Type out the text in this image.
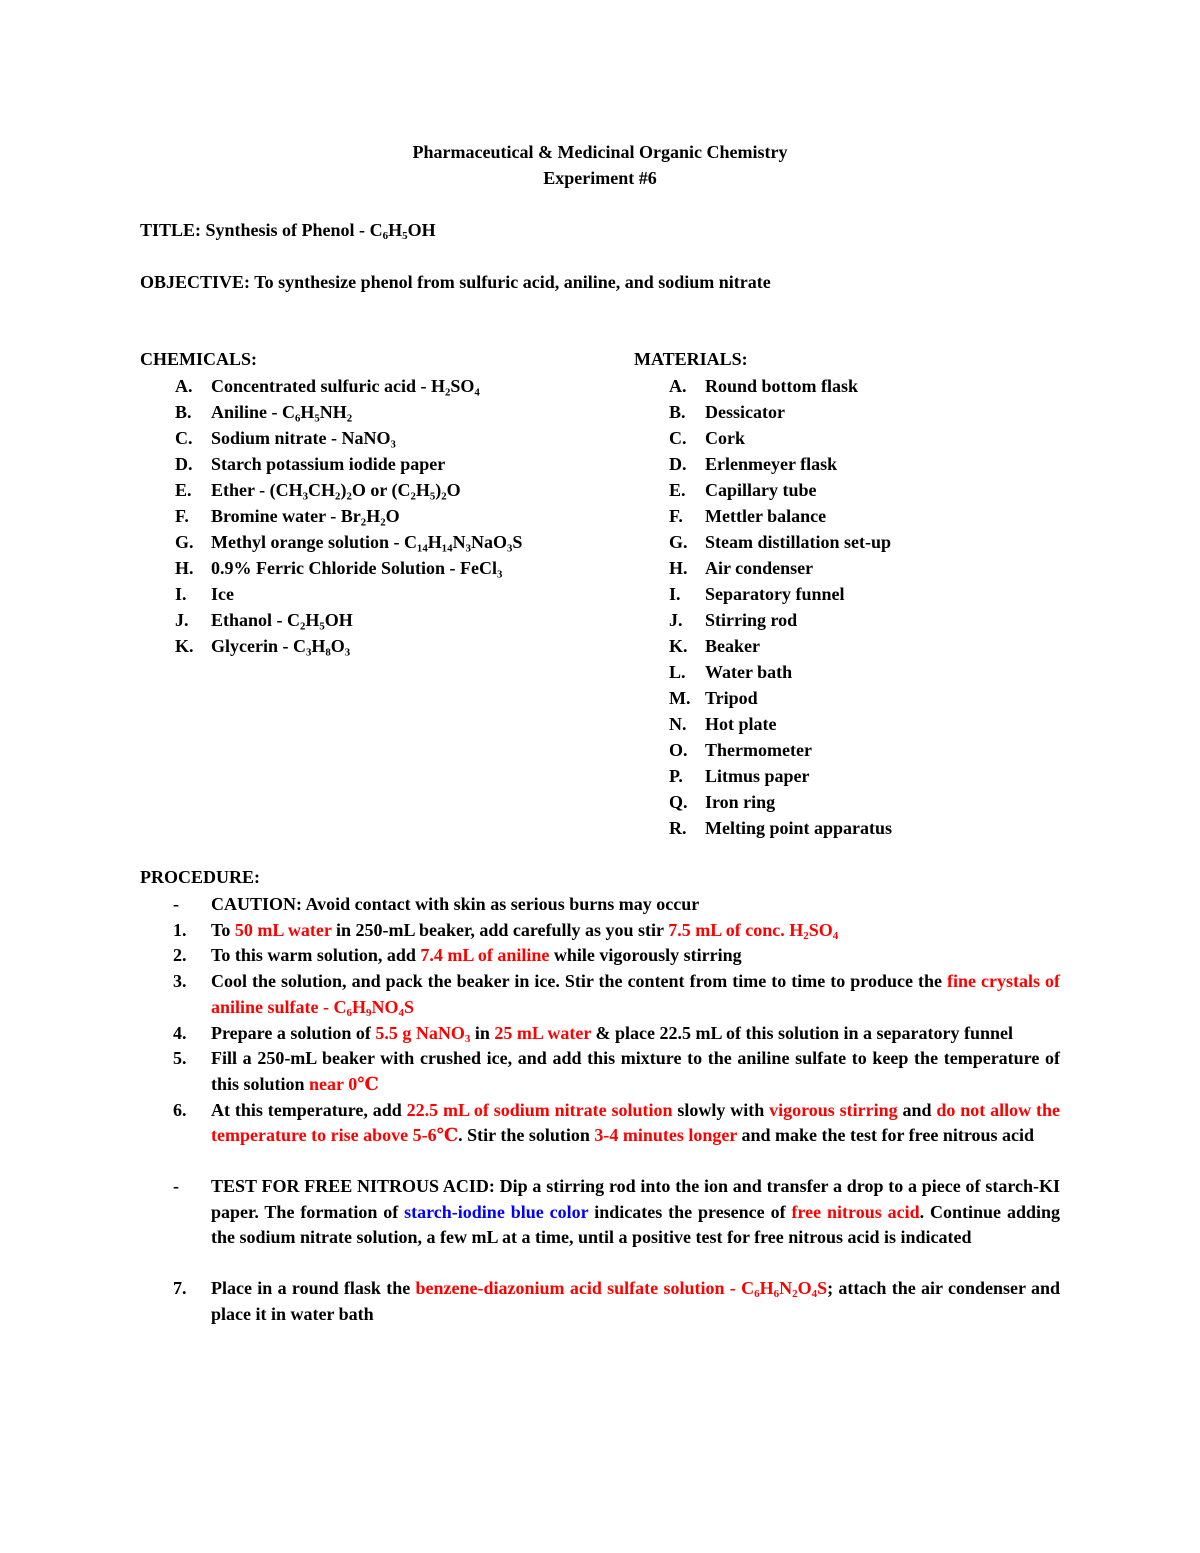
Pharmaceutical & Medicinal Organic Chemistry
Experiment #6
TITLE: Synthesis of Phenol - $C_6H_5OH$
OBJECTIVE: To synthesize phenol from sulfuric acid, aniline, and sodium nitrate
CHEMICALS:
A. Concentrated sulfuric acid - H₂SO₄
B. Aniline - C₆H₅NH₂
C. Sodium nitrate - NaNO₃
D. Starch potassium iodide paper
E. Ether - (CH₃CH₂)₂O or (C₂H₅)₂O
F. Bromine water - Br₂H₂O
G. Methyl orange solution - C₁₄H₁₄N₃NaO₃S
H. 0.9% Ferric Chloride Solution - FeCl₃
I. Ice
J. Ethanol - C₂H₅OH
K. Glycerin - C₃H₈O₃
MATERIALS:
A. Round bottom flask
B. Dessicator
C. Cork
D. Erlenmeyer flask
E. Capillary tube
F. Mettler balance
G. Steam distillation set-up
H. Air condenser
I. Separatory funnel
J. Stirring rod
K. Beaker
L. Water bath
M. Tripod
N. Hot plate
O. Thermometer
P. Litmus paper
Q. Iron ring
R. Melting point apparatus
PROCEDURE:
- CAUTION: Avoid contact with skin as serious burns may occur
1. To 50 mL water in 250-mL beaker, add carefully as you stir 7.5 mL of conc. $H_2SO_4$
2. To this warm solution, add 7.4 mL of aniline while vigorously stirring
3. Cool the solution, and pack the beaker in ice. Stir the content from time to time to produce the fine crystals of aniline sulfate - $C_6H_9NO_4S$
4. Prepare a solution of 5.5 g NaNO$_3$ in 25 mL water & place 22.5 mL of this solution in a separatory funnel
5. Fill a 250-mL beaker with crushed ice, and add this mixture to the aniline sulfate to keep the temperature of this solution near 0℃
6. At this temperature, add 22.5 mL of sodium nitrate solution slowly with vigorous stirring and do not allow the temperature to rise above 5-6℃. Stir the solution 3-4 minutes longer and make the test for free nitrous acid
- TEST FOR FREE NITROUS ACID: Dip a stirring rod into the ion and transfer a drop to a piece of starch-KI paper. The formation of starch-iodine blue color indicates the presence of free nitrous acid. Continue adding the sodium nitrate solution, a few mL at a time, until a positive test for free nitrous acid is indicated
7. Place in a round flask the benzene-diazonium acid sulfate solution - $C_6H_6N_2O_4S$; attach the air condenser and place it in water bath
